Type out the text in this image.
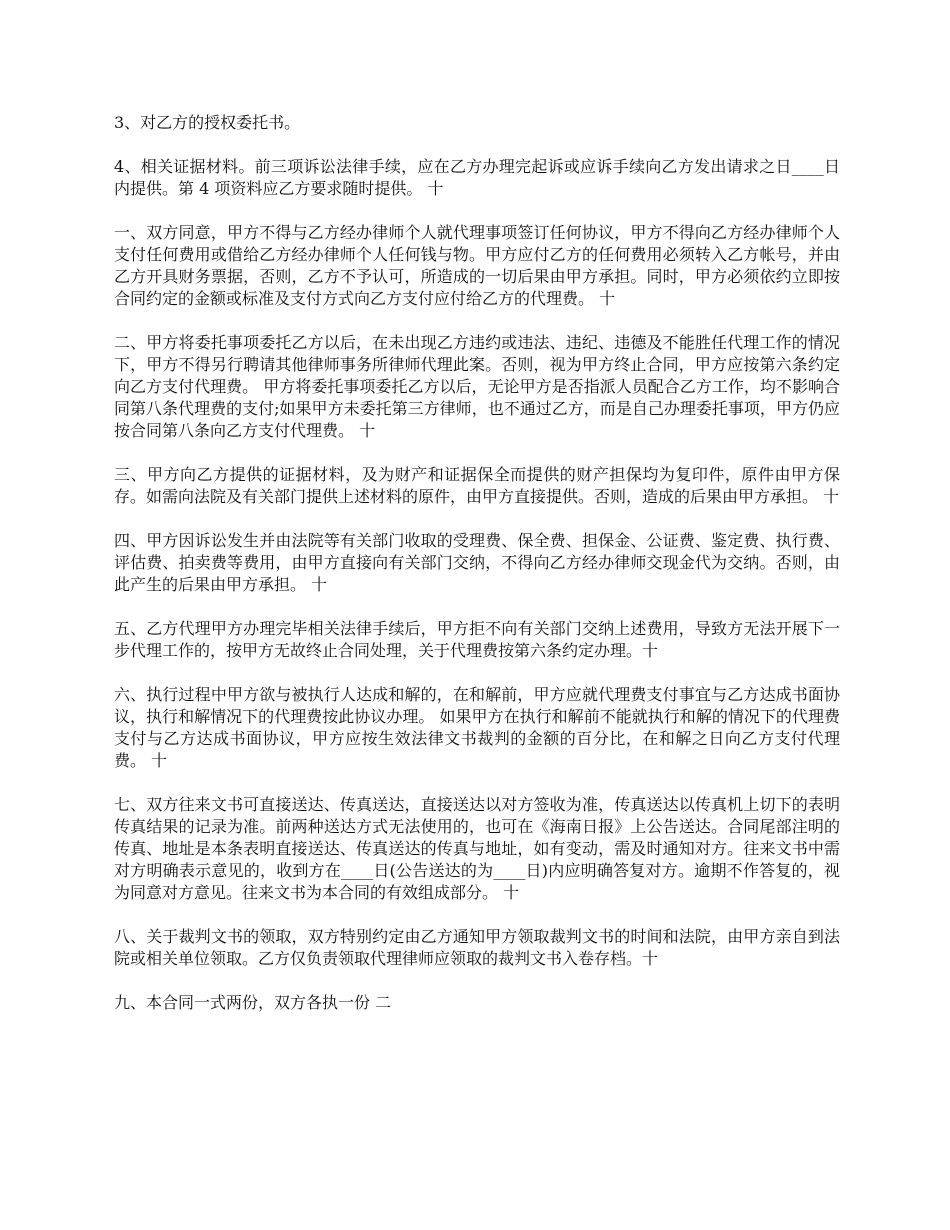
3、对乙方的授权委托书。

4、相关证据材料。前三项诉讼法律手续，应在乙方办理完起诉或应诉手续向乙方发出请求之日____日内提供。第 4 项资料应乙方要求随时提供。 十

一、双方同意，甲方不得与乙方经办律师个人就代理事项签订任何协议，甲方不得向乙方经办律师个人支付任何费用或借给乙方经办律师个人任何钱与物。甲方应付乙方的任何费用必须转入乙方帐号，并由乙方开具财务票据，否则，乙方不予认可，所造成的一切后果由甲方承担。同时，甲方必须依约立即按合同约定的金额或标准及支付方式向乙方支付应付给乙方的代理费。 十

二、甲方将委托事项委托乙方以后，在未出现乙方违约或违法、违纪、违德及不能胜任代理工作的情况下，甲方不得另行聘请其他律师事务所律师代理此案。否则，视为甲方终止合同，甲方应按第六条约定向乙方支付代理费。 甲方将委托事项委托乙方以后，无论甲方是否指派人员配合乙方工作，均不影响合同第八条代理费的支付;如果甲方未委托第三方律师，也不通过乙方，而是自己办理委托事项，甲方仍应按合同第八条向乙方支付代理费。 十

三、甲方向乙方提供的证据材料，及为财产和证据保全而提供的财产担保均为复印件，原件由甲方保存。如需向法院及有关部门提供上述材料的原件，由甲方直接提供。否则，造成的后果由甲方承担。 十

四、甲方因诉讼发生并由法院等有关部门收取的受理费、保全费、担保金、公证费、鉴定费、执行费、评估费、拍卖费等费用，由甲方直接向有关部门交纳，不得向乙方经办律师交现金代为交纳。否则，由此产生的后果由甲方承担。 十

五、乙方代理甲方办理完毕相关法律手续后，甲方拒不向有关部门交纳上述费用，导致方无法开展下一步代理工作的，按甲方无故终止合同处理，关于代理费按第六条约定办理。十

六、执行过程中甲方欲与被执行人达成和解的，在和解前，甲方应就代理费支付事宜与乙方达成书面协议，执行和解情况下的代理费按此协议办理。 如果甲方在执行和解前不能就执行和解的情况下的代理费支付与乙方达成书面协议，甲方应按生效法律文书裁判的金额的百分比，在和解之日向乙方支付代理费。 十

七、双方往来文书可直接送达、传真送达，直接送达以对方签收为准，传真送达以传真机上切下的表明传真结果的记录为准。前两种送达方式无法使用的，也可在《海南日报》上公告送达。合同尾部注明的传真、地址是本条表明直接送达、传真送达的传真与地址，如有变动，需及时通知对方。往来文书中需对方明确表示意见的，收到方在____日(公告送达的为____日)内应明确答复对方。逾期不作答复的，视为同意对方意见。往来文书为本合同的有效组成部分。 十

八、关于裁判文书的领取，双方特别约定由乙方通知甲方领取裁判文书的时间和法院，由甲方亲自到法院或相关单位领取。乙方仅负责领取代理律师应领取的裁判文书入卷存档。十

九、本合同一式两份，双方各执一份 二
